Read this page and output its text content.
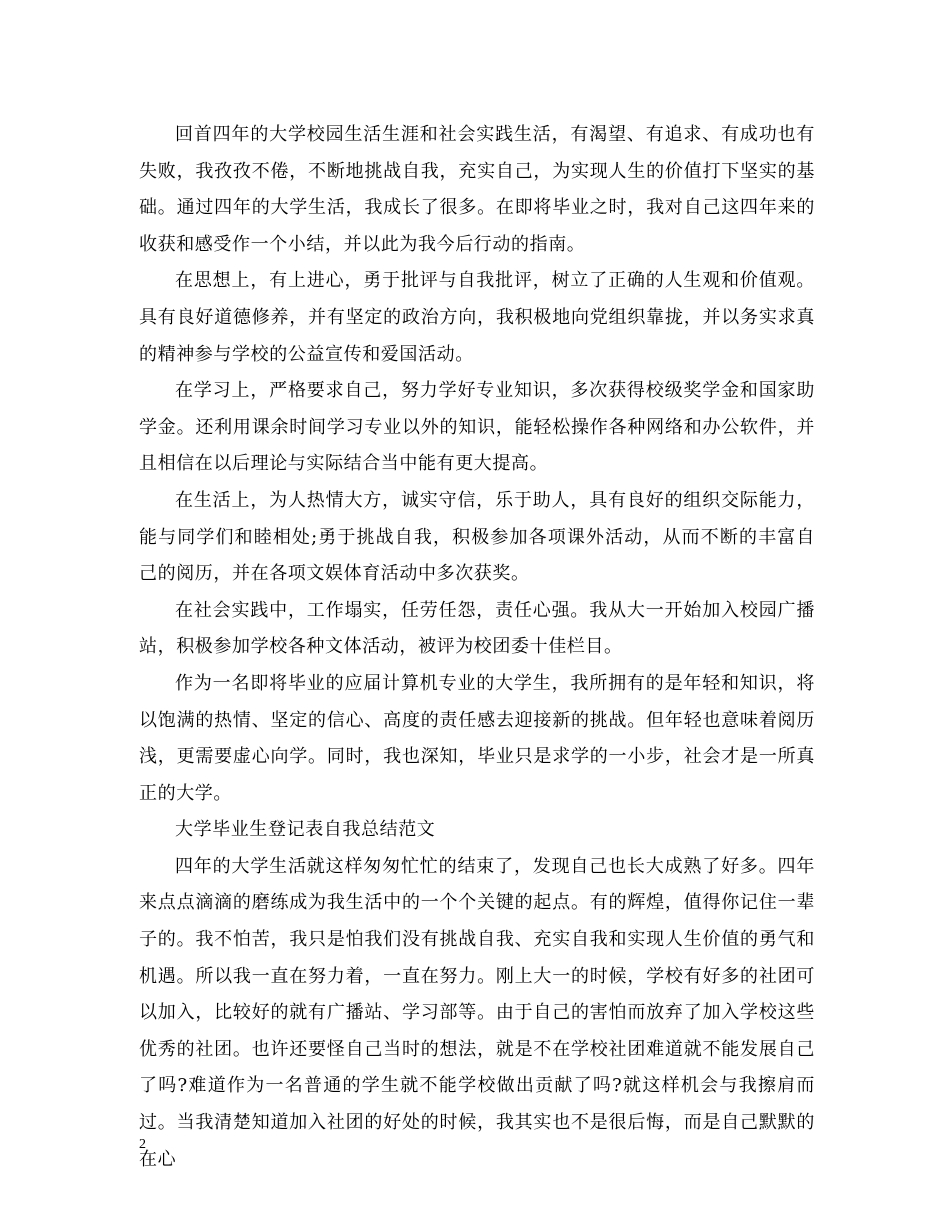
回首四年的大学校园生活生涯和社会实践生活，有渴望、有追求、有成功也有失败，我孜孜不倦，不断地挑战自我，充实自己，为实现人生的价值打下坚实的基础。通过四年的大学生活，我成长了很多。在即将毕业之时，我对自己这四年来的收获和感受作一个小结，并以此为我今后行动的指南。

在思想上，有上进心，勇于批评与自我批评，树立了正确的人生观和价值观。具有良好道德修养，并有坚定的政治方向，我积极地向党组织靠拢，并以务实求真的精神参与学校的公益宣传和爱国活动。

在学习上，严格要求自己，努力学好专业知识，多次获得校级奖学金和国家助学金。还利用课余时间学习专业以外的知识，能轻松操作各种网络和办公软件，并且相信在以后理论与实际结合当中能有更大提高。

在生活上，为人热情大方，诚实守信，乐于助人，具有良好的组织交际能力，能与同学们和睦相处;勇于挑战自我，积极参加各项课外活动，从而不断的丰富自己的阅历，并在各项文娱体育活动中多次获奖。

在社会实践中，工作塌实，任劳任怨，责任心强。我从大一开始加入校园广播站，积极参加学校各种文体活动，被评为校团委十佳栏目。

作为一名即将毕业的应届计算机专业的大学生，我所拥有的是年轻和知识，将以饱满的热情、坚定的信心、高度的责任感去迎接新的挑战。但年轻也意味着阅历浅，更需要虚心向学。同时，我也深知，毕业只是求学的一小步，社会才是一所真正的大学。

大学毕业生登记表自我总结范文

四年的大学生活就这样匆匆忙忙的结束了，发现自己也长大成熟了好多。四年来点点滴滴的磨练成为我生活中的一个个关键的起点。有的辉煌，值得你记住一辈子的。我不怕苦，我只是怕我们没有挑战自我、充实自我和实现人生价值的勇气和机遇。所以我一直在努力着，一直在努力。刚上大一的时候，学校有好多的社团可以加入，比较好的就有广播站、学习部等。由于自己的害怕而放弃了加入学校这些优秀的社团。也许还要怪自己当时的想法，就是不在学校社团难道就不能发展自己了吗?难道作为一名普通的学生就不能学校做出贡献了吗?就这样机会与我擦肩而过。当我清楚知道加入社团的好处的时候，我其实也不是很后悔，而是自己默默的在心

2
